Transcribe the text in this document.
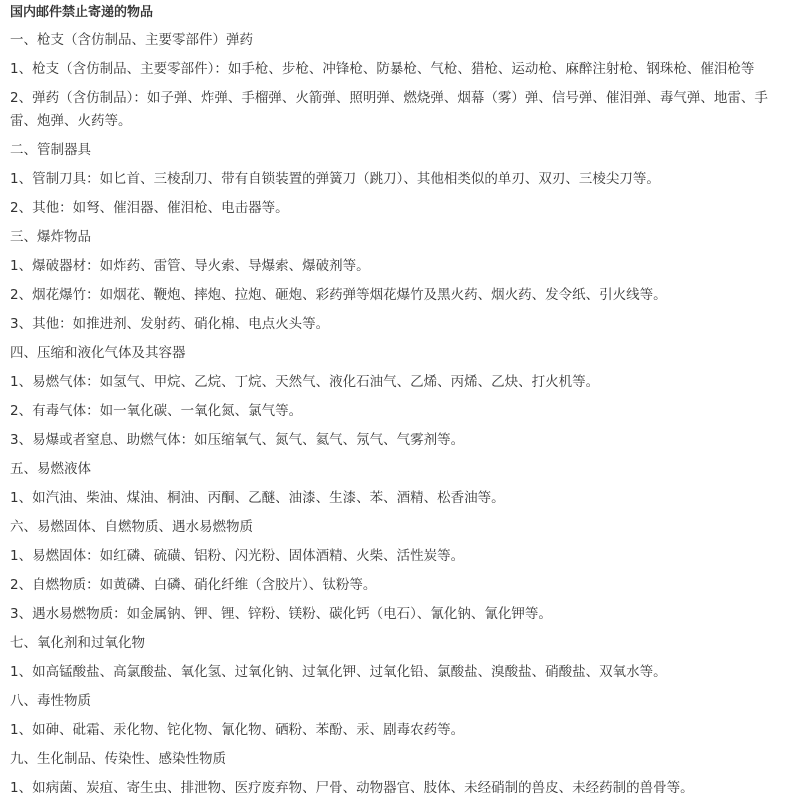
国内邮件禁止寄递的物品
一、枪支（含仿制品、主要零部件）弹药
1、枪支（含仿制品、主要零部件）：如手枪、步枪、冲锋枪、防暴枪、气枪、猎枪、运动枪、麻醉注射枪、钢珠枪、催泪枪等
2、弹药（含仿制品）：如子弹、炸弹、手榴弹、火箭弹、照明弹、燃烧弹、烟幕（雾）弹、信号弹、催泪弹、毒气弹、地雷、手雷、炮弹、火药等。
二、管制器具
1、管制刀具：如匕首、三棱刮刀、带有自锁装置的弹簧刀（跳刀）、其他相类似的单刃、双刃、三棱尖刀等。
2、其他：如弩、催泪器、催泪枪、电击器等。
三、爆炸物品
1、爆破器材：如炸药、雷管、导火索、导爆索、爆破剂等。
2、烟花爆竹：如烟花、鞭炮、摔炮、拉炮、砸炮、彩药弹等烟花爆竹及黑火药、烟火药、发令纸、引火线等。
3、其他：如推进剂、发射药、硝化棉、电点火头等。
四、压缩和液化气体及其容器
1、易燃气体：如氢气、甲烷、乙烷、丁烷、天然气、液化石油气、乙烯、丙烯、乙炔、打火机等。
2、有毒气体：如一氧化碳、一氧化氮、氯气等。
3、易爆或者窒息、助燃气体：如压缩氧气、氮气、氦气、氖气、气雾剂等。
五、易燃液体
1、如汽油、柴油、煤油、桐油、丙酮、乙醚、油漆、生漆、苯、酒精、松香油等。
六、易燃固体、自燃物质、遇水易燃物质
1、易燃固体：如红磷、硫磺、铝粉、闪光粉、固体酒精、火柴、活性炭等。
2、自燃物质：如黄磷、白磷、硝化纤维（含胶片）、钛粉等。
3、遇水易燃物质：如金属钠、钾、锂、锌粉、镁粉、碳化钙（电石）、氰化钠、氰化钾等。
七、氧化剂和过氧化物
1、如高锰酸盐、高氯酸盐、氧化氢、过氧化钠、过氧化钾、过氧化铅、氯酸盐、溴酸盐、硝酸盐、双氧水等。
八、毒性物质
1、如砷、砒霜、汞化物、铊化物、氰化物、硒粉、苯酚、汞、剧毒农药等。
九、生化制品、传染性、感染性物质
1、如病菌、炭疽、寄生虫、排泄物、医疗废弃物、尸骨、动物器官、肢体、未经硝制的兽皮、未经药制的兽骨等。
